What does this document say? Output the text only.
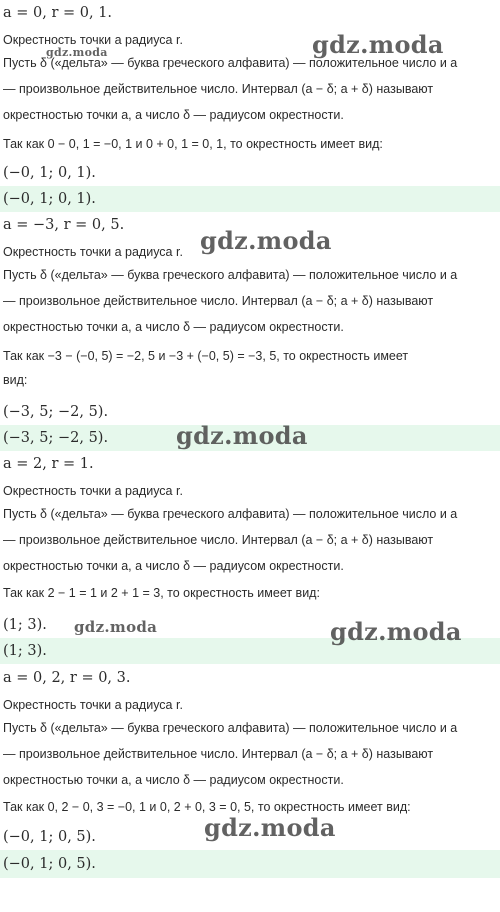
a = 0, r = 0, 1.
Окрестность точки a радиуса r.
Пусть δ («дельта» — буква греческого алфавита) — положительное число и a
— произвольное действительное число. Интервал (a − δ; a + δ) называют
окрестностью точки a, а число δ — радиусом окрестности.
Так как 0 − 0, 1 = −0, 1 и 0 + 0, 1 = 0, 1, то окрестность имеет вид:
(−0, 1; 0, 1).
(−0, 1; 0, 1).
a = −3, r = 0, 5.
Окрестность точки a радиуса r.
Пусть δ («дельта» — буква греческого алфавита) — положительное число и a
— произвольное действительное число. Интервал (a − δ; a + δ) называют
окрестностью точки a, а число δ — радиусом окрестности.
Так как −3 − (−0, 5) = −2, 5 и −3 + (−0, 5) = −3, 5, то окрестность имеет
вид:
(−3, 5; −2, 5).
(−3, 5; −2, 5).
a = 2, r = 1.
Окрестность точки a радиуса r.
Пусть δ («дельта» — буква греческого алфавита) — положительное число и a
— произвольное действительное число. Интервал (a − δ; a + δ) называют
окрестностью точки a, а число δ — радиусом окрестности.
Так как 2 − 1 = 1 и 2 + 1 = 3, то окрестность имеет вид:
(1; 3).
(1; 3).
a = 0, 2, r = 0, 3.
Окрестность точки a радиуса r.
Пусть δ («дельта» — буква греческого алфавита) — положительное число и a
— произвольное действительное число. Интервал (a − δ; a + δ) называют
окрестностью точки a, а число δ — радиусом окрестности.
Так как 0, 2 − 0, 3 = −0, 1 и 0, 2 + 0, 3 = 0, 5, то окрестность имеет вид:
(−0, 1; 0, 5).
(−0, 1; 0, 5).
gdz.moda
gdz.moda
gdz.moda
gdz.moda
gdz.moda	gdz.moda
gdz.moda
